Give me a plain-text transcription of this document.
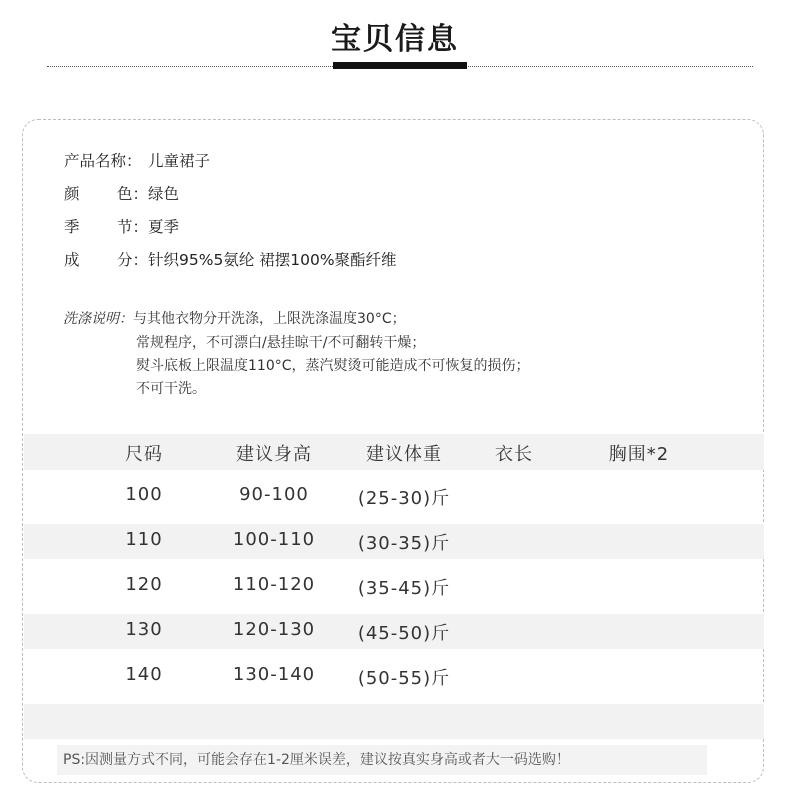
宝贝信息
产品名称： 儿童裙子
颜 色： 绿色
季 节： 夏季
成 分： 针织95%5氨纶 裙摆100%聚酯纤维
洗涤说明：与其他衣物分开洗涤，上限洗涤温度30°C；
常规程序，不可漂白/悬挂晾干/不可翻转干燥；
熨斗底板上限温度110°C，蒸汽熨烫可能造成不可恢复的损伤；
不可干洗。
尺码	建议身高	建议体重	衣长	胸围*2
100	90-100	(25-30)斤
110	100-110	(30-35)斤
120	110-120	(35-45)斤
130	120-130	(45-50)斤
140	130-140	(50-55)斤
PS:因测量方式不同，可能会存在1-2厘米误差，建议按真实身高或者大一码选购！
